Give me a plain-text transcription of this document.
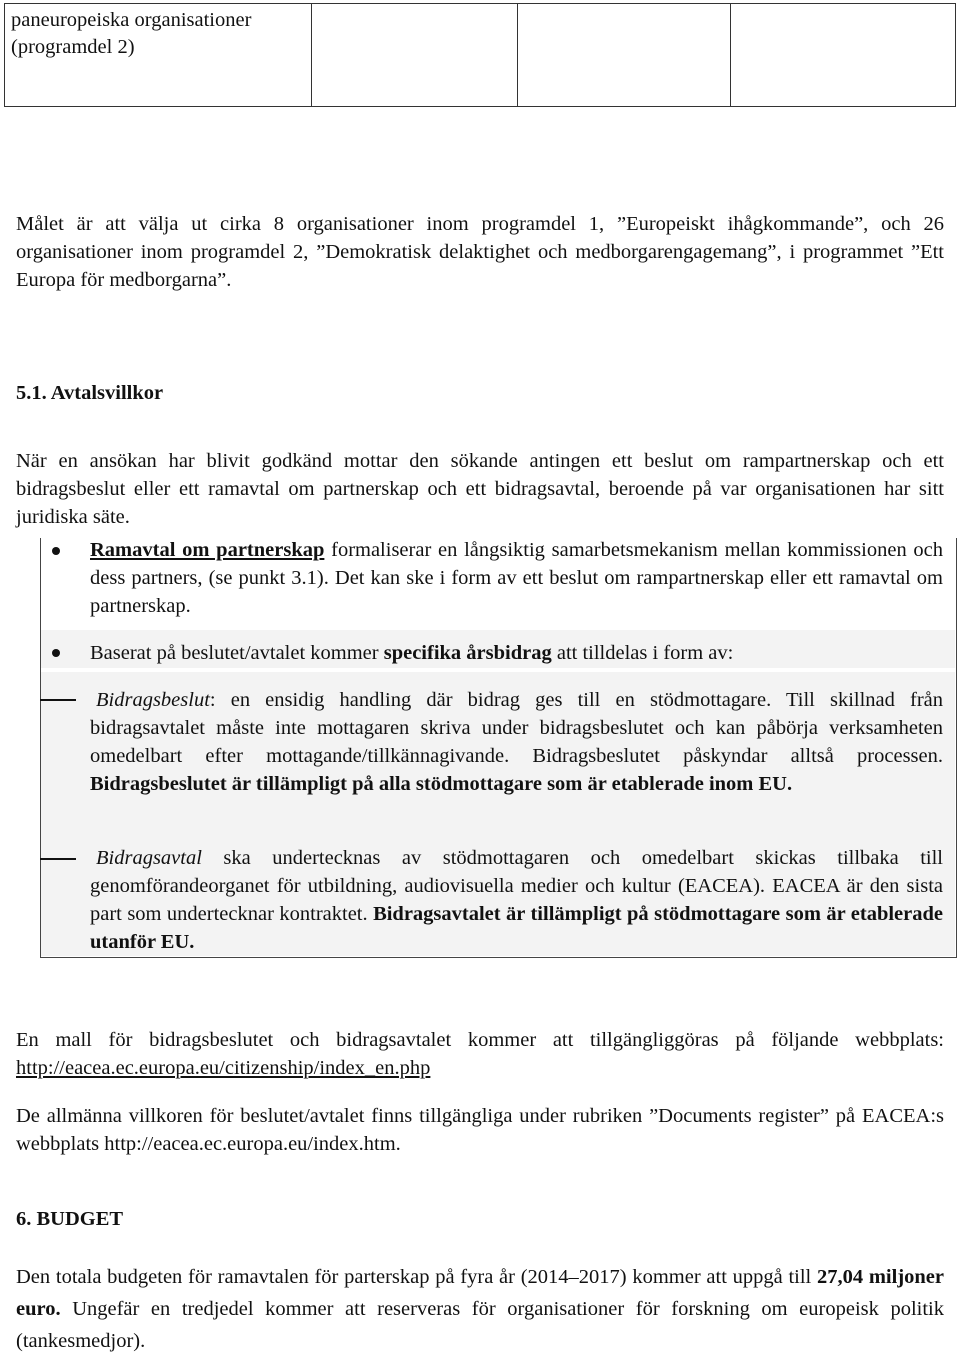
paneuropeiska organisationer (programdel 2)			
Målet är att välja ut cirka 8 organisationer inom programdel 1, ”Europeiskt ihågkommande”, och 26 organisationer inom programdel 2, ”Demokratisk delaktighet och medborgarengagemang”, i programmet ”Ett Europa för medborgarna”.
5.1. Avtalsvillkor
När en ansökan har blivit godkänd mottar den sökande antingen ett beslut om rampartnerskap och ett bidragsbeslut eller ett ramavtal om partnerskap och ett bidragsavtal, beroende på var organisationen har sitt juridiska säte.
Ramavtal om partnerskap formaliserar en långsiktig samarbetsmekanism mellan kommissionen och dess partners, (se punkt 3.1). Det kan ske i form av ett beslut om rampartnerskap eller ett ramavtal om partnerskap.
Baserat på beslutet/avtalet kommer specifika årsbidrag att tilldelas i form av:
Bidragsbeslut: en ensidig handling där bidrag ges till en stödmottagare. Till skillnad från bidragsavtalet måste inte mottagaren skriva under bidragsbeslutet och kan påbörja verksamheten omedelbart efter mottagande/tillkännagivande. Bidragsbeslutet påskyndar alltså processen. Bidragsbeslutet är tillämpligt på alla stödmottagare som är etablerade inom EU.
Bidragsavtal ska undertecknas av stödmottagaren och omedelbart skickas tillbaka till genomförandeorganet för utbildning, audiovisuella medier och kultur (EACEA). EACEA är den sista part som undertecknar kontraktet. Bidragsavtalet är tillämpligt på stödmottagare som är etablerade utanför EU.
En mall för bidragsbeslutet och bidragsavtalet kommer att tillgängliggöras på följande webbplats: http://eacea.ec.europa.eu/citizenship/index_en.php
De allmänna villkoren för beslutet/avtalet finns tillgängliga under rubriken ”Documents register” på EACEA:s webbplats http://eacea.ec.europa.eu/index.htm.
6. BUDGET
Den totala budgeten för ramavtalen för parterskap på fyra år (2014–2017) kommer att uppgå till 27,04 miljoner euro. Ungefär en tredjedel kommer att reserveras för organisationer för forskning om europeisk politik (tankesmedjor).
